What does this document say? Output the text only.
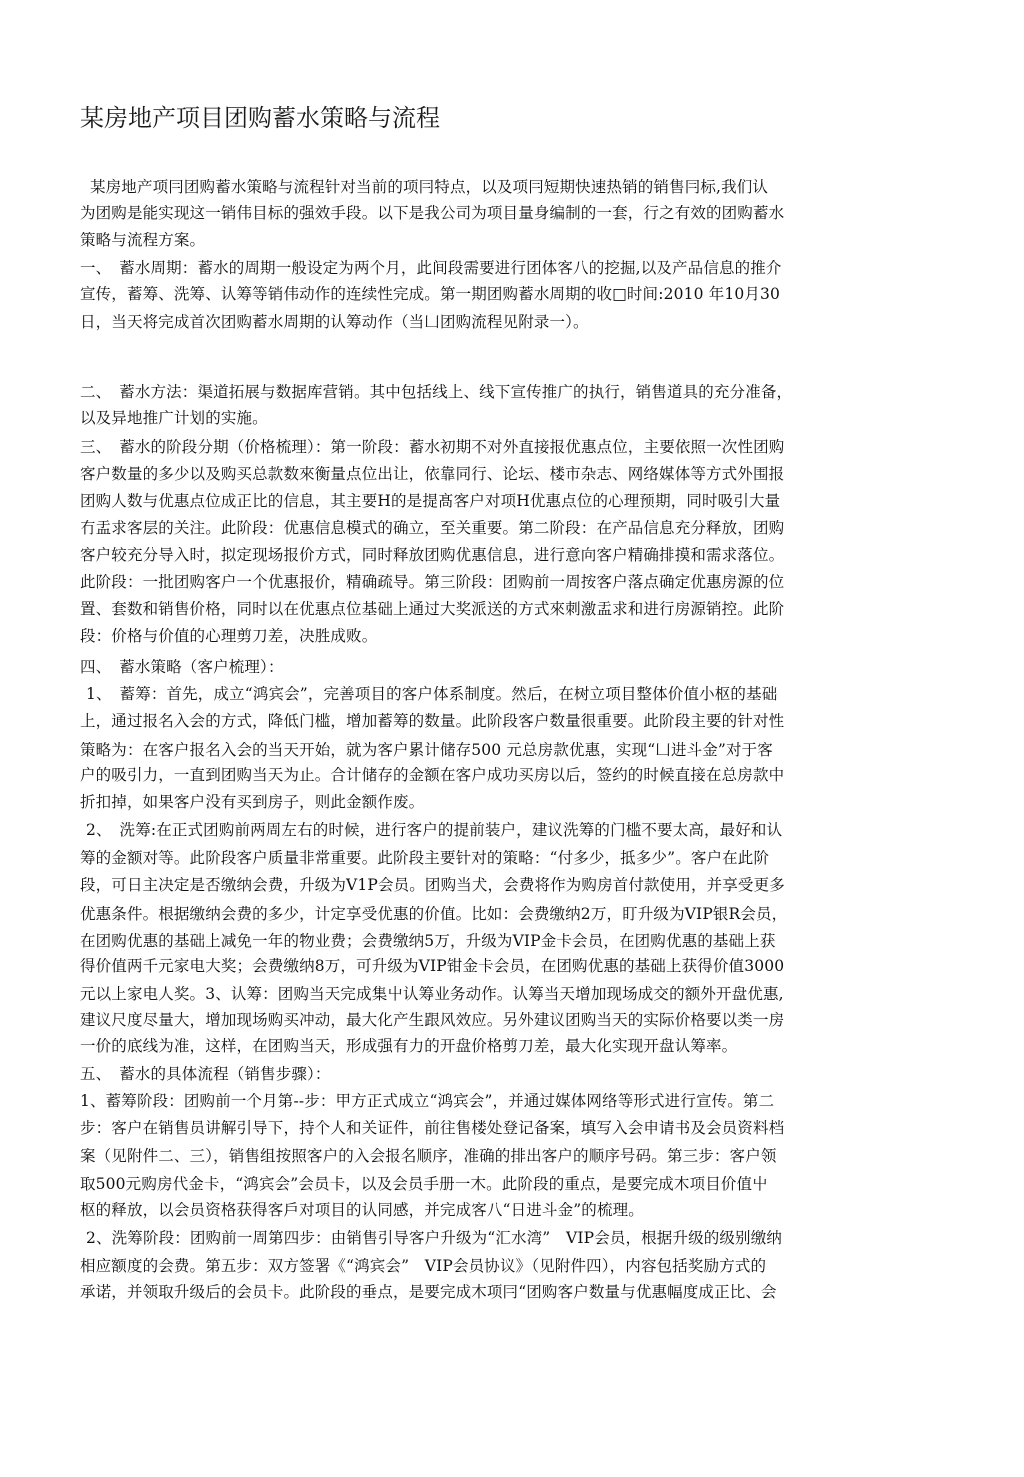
某房地产项目团购蓄水策略与流程

某房地产项冃团购蓄水策略与流程针对当前的项冃特点，以及项冃短期快速热销的销售冃标,我们认

为团购是能实现这一销伟目标的强效手段。以下是我公司为项目量身编制的一套，行之有效的团购蓄水

策略与流程方案。

一、　蓄水周期：蓄水的周期一般设定为两个月，此间段需要进行团体客八的挖掘,以及产品信息的推介

宣传，蓄筹、洗筹、认筹等销伟动作的连续性完成。第一期团购蓄水周期的收□时间:2010 年10月30

日，当天将完成首次团购蓄水周期的认筹动作（当凵团购流程见附录一）。

二、　蓄水方法：渠道拓展与数据库营销。其中包括线上、线下宣传推广的执行，销售道具的充分准备，

以及异地推广计划的实施。

三、　蓄水的阶段分期（价格梳理）：第一阶段：蓄水初期不对外直接报优惠点位，主要依照一次性团购

客户数量的多少以及购买总款数來衡量点位出让，依靠同行、论坛、楼市杂志、网络媒体等方式外围报

团购人数与优惠点位成正比的信息，其主要H的是提髙客户对项H优惠点位的心理预期，同时吸引大量

冇盂求客层的关注。此阶段：优惠信息模式的确立，至关重要。第二阶段：在产品信息充分释放，团购

客户较充分导入时，拟定现场报价方式，同时释放团购优惠信息，进行意向客户精确排摸和需求落位。

此阶段：一批团购客户一个优惠报价，精确疏导。第三阶段：团购前一周按客户落点确定优惠房源的位

置、套数和销售价格，同时以在优惠点位基础上通过大奖派送的方式來刺激盂求和进行房源销控。此阶

段：价格与价值的心理剪刀差，决胜成败。

四、　蓄水策略（客户梳理）：

1、　蓄筹：首先，成立“鸿宾会”，完善项目的客户体系制度。然后，在树立项目整体价值小枢的基础

上，通过报名入会的方式，降低门槛，增加蓄筹的数量。此阶段客户数量很重要。此阶段主要的针对性

策略为：在客户报名入会的当天开始，就为客户累计储存500 元总房款优惠，实现“凵进斗金”对于客

户的吸引力，一直到团购当天为止。合计储存的金额在客户成功买房以后，签约的时候直接在总房款中

折扣掉，如果客户没有买到房子，则此金额作废。

2、　洗筹:在正式团购前两周左右的时候，进行客户的提前装户，建议洗筹的门槛不要太高，最好和认

筹的金额对等。此阶段客户质量非常重要。此阶段主要针对的策略：“付多少，抵多少”。客户在此阶

段，可日主决定是否缴纳会费，升级为V1P会员。团购当犬，会费将作为购房首付款使用，并享受更多

优惠条件。根据缴纳会费的多少，计定享受优惠的价值。比如：会费缴纳2万，盯升级为VIP银R会员，

在团购优惠的基础上减免一年的物业费；会费缴纳5万，升级为VIP金卡会员，在团购优惠的基础上获

得价值两千元家电大奖；会费缴纳8万，可升级为VIP钳金卡会员，在团购优惠的基础上获得价值3000

元以上家电人奖。3、认筹：团购当天完成集屮认筹业务动作。认筹当天增加现场成交的额外开盘优惠,

建议尺度尽量大，增加现场购买冲动，最大化产生跟风效应。另外建议团购当天的实际价格要以类一房

一价的底线为准，这样，在团购当天，形成强有力的开盘价格剪刀差，最大化实现开盘认筹率。

五、　蓄水的具体流程（销售步骤）：

1、蓄筹阶段：团购前一个月第--步：甲方正式成立“鸿宾会”，并通过媒体网络等形式进行宣传。第二

步：客户在销售员讲解引导下，持个人和关证件，前往售楼处登记备案，填写入会申请书及会员资料档

案（见附件二、三），销售组按照客户的入会报名顺序，准确的排出客户的顺序号码。第三步：客户领

取500元购房代金卡，“鸿宾会”会员卡，以及会员手册一木。此阶段的重点，是要完成木项目价值屮

枢的释放，以会员资格获得客戶对项目的认同感，并完成客八“日进斗金”的梳理。

2、洗筹阶段：团购前一周第四步：由销售引导客户升级为“汇水湾”　VIP会员，根据升级的级别缴纳

相应额度的会费。第五步：双方签署《“鸿宾会”　VIP会员协议》（见附件四），内容包括奖励方式的

承诺，并领取升级后的会员卡。此阶段的垂点，是要完成木项冃“团购客户数量与优惠幅度成正比、会
